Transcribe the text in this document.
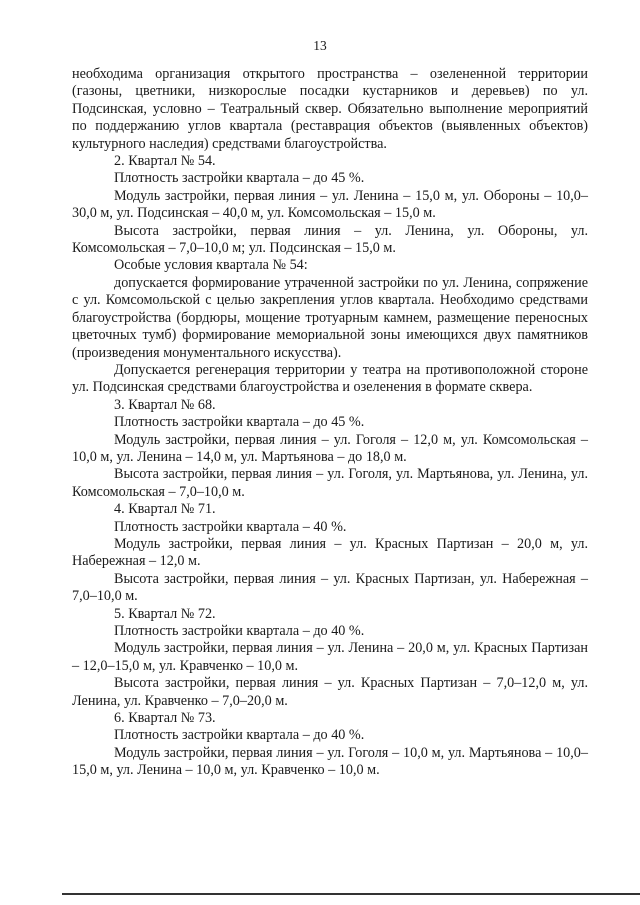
13

необходима организация открытого пространства – озелененной территории (газоны, цветники, низкорослые посадки кустарников и деревьев) по ул. Подсинская, условно – Театральный сквер. Обязательно выполнение мероприятий по поддержанию углов квартала (реставрация объектов (выявленных объектов) культурного наследия) средствами благоустройства.

2. Квартал № 54.

Плотность застройки квартала – до 45 %.

Модуль застройки, первая линия – ул. Ленина – 15,0 м, ул. Обороны – 10,0–30,0 м, ул. Подсинская – 40,0 м, ул. Комсомольская – 15,0 м.

Высота застройки, первая линия – ул. Ленина, ул. Обороны, ул. Комсомольская – 7,0–10,0 м; ул. Подсинская – 15,0 м.

Особые условия квартала № 54:

допускается формирование утраченной застройки по ул. Ленина, сопряжение с ул. Комсомольской с целью закрепления углов квартала. Необходимо средствами благоустройства (бордюры, мощение тротуарным камнем, размещение переносных цветочных тумб) формирование мемориальной зоны имеющихся двух памятников (произведения монументального искусства).

Допускается регенерация территории у театра на противоположной стороне ул. Подсинская средствами благоустройства и озеленения в формате сквера.

3. Квартал № 68.

Плотность застройки квартала – до 45 %.

Модуль застройки, первая линия – ул. Гоголя – 12,0 м, ул. Комсомольская – 10,0 м, ул. Ленина – 14,0 м, ул. Мартьянова – до 18,0 м.

Высота застройки, первая линия – ул. Гоголя, ул. Мартьянова, ул. Ленина, ул. Комсомольская – 7,0–10,0 м.

4. Квартал № 71.

Плотность застройки квартала – 40 %.

Модуль застройки, первая линия – ул. Красных Партизан – 20,0 м, ул. Набережная – 12,0 м.

Высота застройки, первая линия – ул. Красных Партизан, ул. Набережная – 7,0–10,0 м.

5. Квартал № 72.

Плотность застройки квартала – до 40 %.

Модуль застройки, первая линия – ул. Ленина – 20,0 м, ул. Красных Партизан – 12,0–15,0 м, ул. Кравченко – 10,0 м.

Высота застройки, первая линия – ул. Красных Партизан – 7,0–12,0 м, ул. Ленина, ул. Кравченко – 7,0–20,0 м.

6. Квартал № 73.

Плотность застройки квартала – до 40 %.

Модуль застройки, первая линия – ул. Гоголя – 10,0 м, ул. Мартьянова – 10,0–15,0 м, ул. Ленина – 10,0 м, ул. Кравченко – 10,0 м.
